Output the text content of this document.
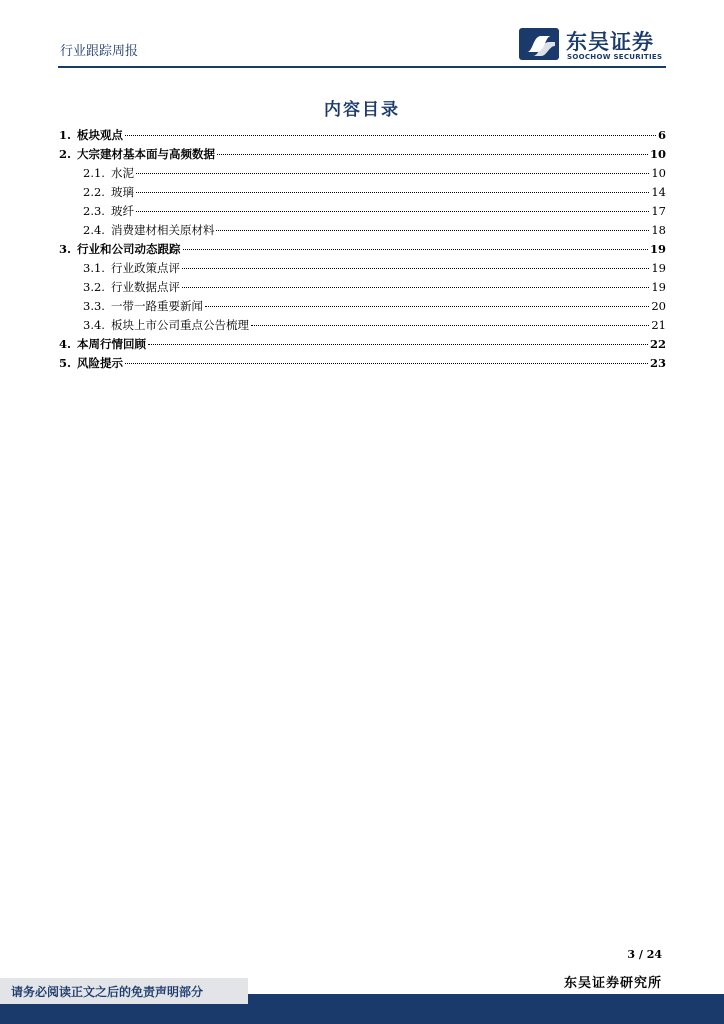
行业跟踪周报	东吴证券
SOOCHOW SECURITIES
内容目录
1. 板块观点	6
2. 大宗建材基本面与高频数据	10
2.1. 水泥	10
2.2. 玻璃	14
2.3. 玻纤	17
2.4. 消费建材相关原材料	18
3. 行业和公司动态跟踪	19
3.1. 行业政策点评	19
3.2. 行业数据点评	19
3.3. 一带一路重要新闻	20
3.4. 板块上市公司重点公告梳理	21
4. 本周行情回顾	22
5. 风险提示	23
3 / 24
东吴证券研究所
请务必阅读正文之后的免责声明部分
